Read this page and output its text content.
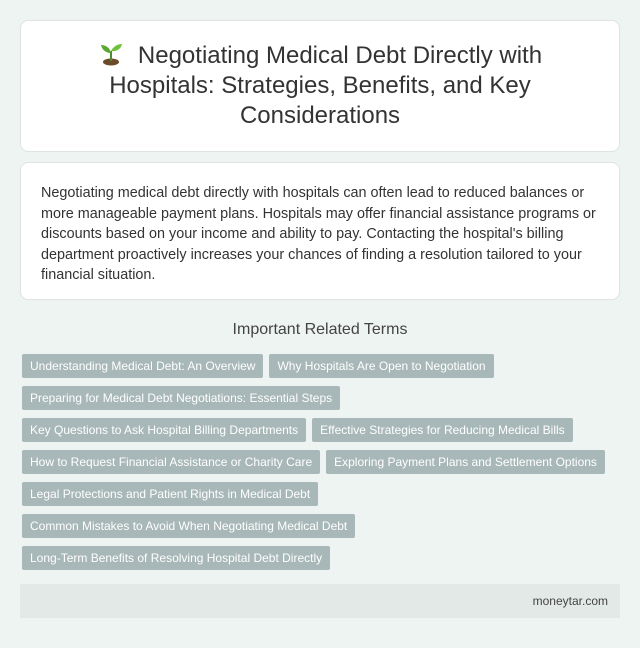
Negotiating Medical Debt Directly with Hospitals: Strategies, Benefits, and Key Considerations

Negotiating medical debt directly with hospitals can often lead to reduced balances or more manageable payment plans. Hospitals may offer financial assistance programs or discounts based on your income and ability to pay. Contacting the hospital's billing department proactively increases your chances of finding a resolution tailored to your financial situation.

Important Related Terms
Understanding Medical Debt: An Overview	Why Hospitals Are Open to Negotiation
Preparing for Medical Debt Negotiations: Essential Steps
Key Questions to Ask Hospital Billing Departments	Effective Strategies for Reducing Medical Bills
How to Request Financial Assistance or Charity Care	Exploring Payment Plans and Settlement Options
Legal Protections and Patient Rights in Medical Debt
Common Mistakes to Avoid When Negotiating Medical Debt
Long-Term Benefits of Resolving Hospital Debt Directly
moneytar.com
